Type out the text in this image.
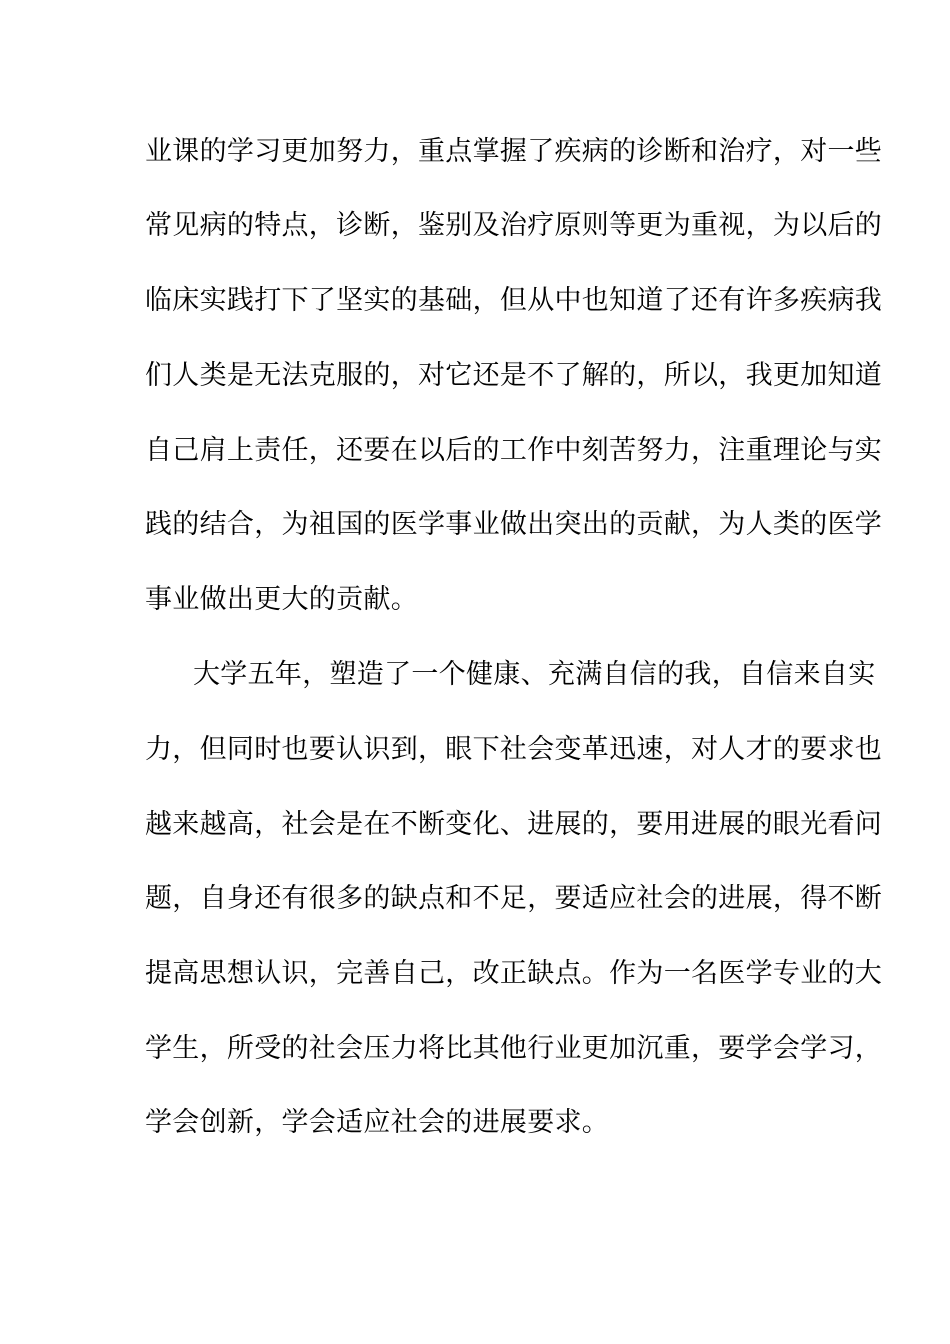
业课的学习更加努力，重点掌握了疾病的诊断和治疗，对一些
常见病的特点，诊断，鉴别及治疗原则等更为重视，为以后的
临床实践打下了坚实的基础，但从中也知道了还有许多疾病我
们人类是无法克服的，对它还是不了解的，所以，我更加知道
自己肩上责任，还要在以后的工作中刻苦努力，注重理论与实
践的结合，为祖国的医学事业做出突出的贡献，为人类的医学
事业做出更大的贡献。
大学五年，塑造了一个健康、充满自信的我，自信来自实
力，但同时也要认识到，眼下社会变革迅速，对人才的要求也
越来越高，社会是在不断变化、进展的，要用进展的眼光看问
题，自身还有很多的缺点和不足，要适应社会的进展，得不断
提高思想认识，完善自己，改正缺点。作为一名医学专业的大
学生，所受的社会压力将比其他行业更加沉重，要学会学习，
学会创新，学会适应社会的进展要求。
